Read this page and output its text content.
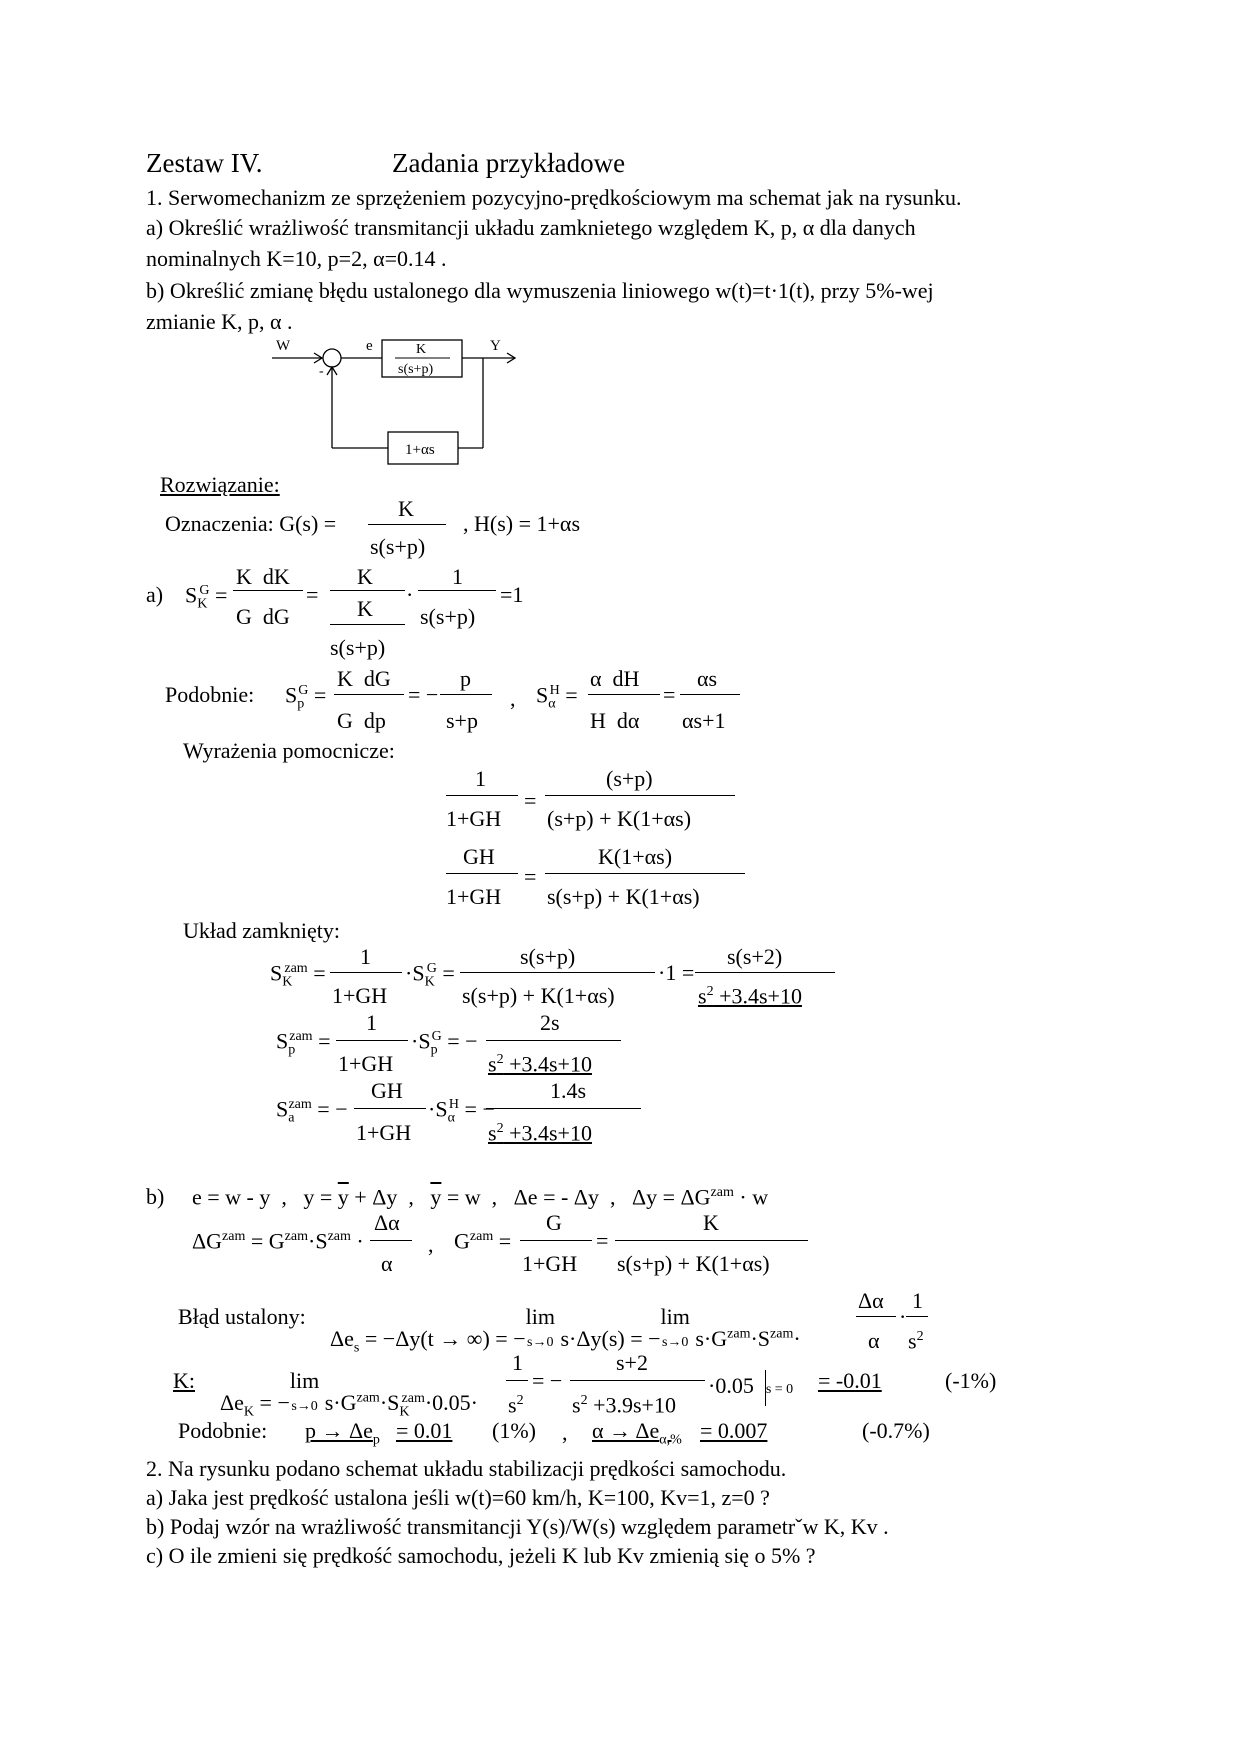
Zestaw IV.	Zadania przykładowe
1. Serwomechanizm ze sprzężeniem pozycyjno-prędkościowym ma schemat jak na rysunku.
a) Określić wrażliwość transmitancji układu zamknietego względem K, p, α dla danych
nominalnych K=10, p=2, α=0.14 .
b) Określić zmianę błędu ustalonego dla wymuszenia liniowego w(t)=t·1(t), przy 5%-wej
zmianie K, p, α .
W
-
e	K
s(s+p)
Y
1+αs
Rozwiązanie:
Oznaczenia: G(s) =
K
s(s+p)
, H(s) = 1+αs
a) $S_K^G$ =
K  dK
G  dG
=
K
K
s(s+p)
·
1
s(s+p)
=1
Podobnie: $S_p^G$ =
K  dG
G  dp
= −
p
s+p
, $S_\alpha^H$ =
α  dH
H  dα
=
αs
αs+1
Wyrażenia pomocnicze:
1
1+GH
=
(s+p)
(s+p) + K(1+αs)
GH
1+GH
=
K(1+αs)
s(s+p) + K(1+αs)
Układ zamknięty:
$S_K^{zam}$ =
1
1+GH
$\cdot S_K^G$ =
s(s+p)
s(s+p) + K(1+αs)
·1 =
s(s+2)
$s^2 +3.4s+10$
$S_p^{zam}$ =
1
1+GH
$\cdot S_p^G$ = −
2s
$s^2 +3.4s+10$
$S_a^{zam}$ = −
GH
1+GH
$\cdot S_\alpha^H$ = −
1.4s
$s^2 +3.4s+10$
b) e = w - y  ,   $y = \overline{y} + \Delta y$  ,   $\overline{y} = w$  ,   Δe = - Δy  ,   $\Delta y = \Delta G^{zam} \cdot w$
$\Delta G^{zam} = G^{zam}\cdot S^{zam}$ ·
Δα
α
, $G^{zam}$ =
G
1+GH
=
K
s(s+p) + K(1+αs)
Błąd ustalony:
$\Delta e_s = -\Delta y(t$ → ∞) = −lim
s→0 s·Δy(s) = −lim
s→0 $s\cdot G^{zam}\cdot S^{zam}\cdot$
Δα
α
·
1
$s^2$
K:
$\Delta e_K = -\lim$
s→0 $s\cdot G^{zam}\cdot S_K^{zam}\cdot 0.05\cdot$
1
$s^2$
= −
s+2
$s^2 +3.9s+10$
·0.05  s = 0 = -0.01	(-1%)
Podobnie: $p \to \Delta e_p = 0.01$ (1%) , $\alpha \to \Delta e_{\alpha,\%} = 0.007$	(-0.7%)
2. Na rysunku podano schemat układu stabilizacji prędkości samochodu.
a) Jaka jest prędkość ustalona jeśli w(t)=60 km/h, K=100, Kv=1, z=0 ?
b) Podaj wzór na wrażliwość transmitancji Y(s)/W(s) względem parametrˇw K, Kv .
c) O ile zmieni się prędkość samochodu, jeżeli K lub Kv zmienią się o 5% ?
